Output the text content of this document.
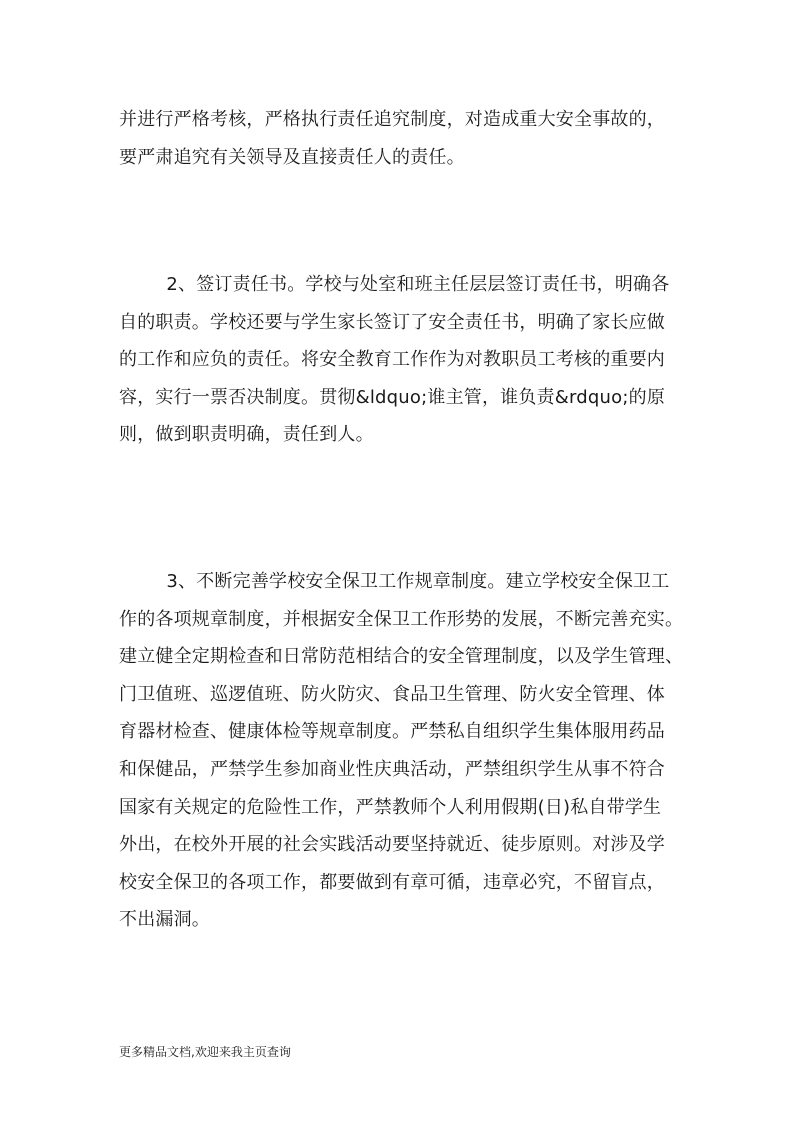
并进行严格考核，严格执行责任追究制度，对造成重大安全事故的，
要严肃追究有关领导及直接责任人的责任。

2、签订责任书。学校与处室和班主任层层签订责任书，明确各
自的职责。学校还要与学生家长签订了安全责任书，明确了家长应做
的工作和应负的责任。将安全教育工作作为对教职员工考核的重要内
容，实行一票否决制度。贯彻&ldquo;谁主管，谁负责&rdquo;的原
则，做到职责明确，责任到人。

3、不断完善学校安全保卫工作规章制度。建立学校安全保卫工
作的各项规章制度，并根据安全保卫工作形势的发展，不断完善充实。
建立健全定期检查和日常防范相结合的安全管理制度，以及学生管理、
门卫值班、巡逻值班、防火防灾、食品卫生管理、防火安全管理、体
育器材检查、健康体检等规章制度。严禁私自组织学生集体服用药品
和保健品，严禁学生参加商业性庆典活动，严禁组织学生从事不符合
国家有关规定的危险性工作，严禁教师个人利用假期(日)私自带学生
外出，在校外开展的社会实践活动要坚持就近、徒步原则。对涉及学
校安全保卫的各项工作，都要做到有章可循，违章必究，不留盲点，
不出漏洞。

更多精品文档,欢迎来我主页查询
